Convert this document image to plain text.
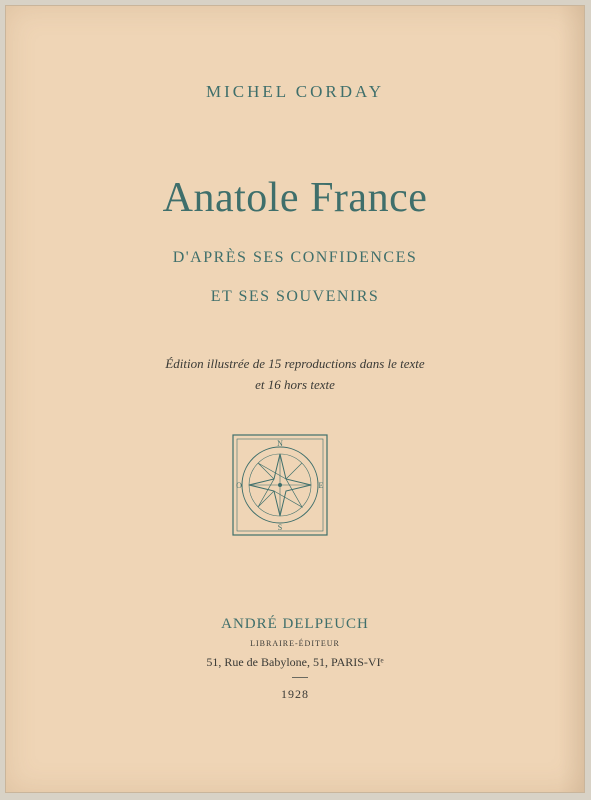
MICHEL CORDAY
Anatole France
D'APRÈS SES CONFIDENCES
ET SES SOUVENIRS
Édition illustrée de 15 reproductions dans le texte
et 16 hors texte
N
E
S
O
ANDRÉ DELPEUCH
LIBRAIRE-ÉDITEUR
51, Rue de Babylone, 51, PARIS-VIᵉ
1928
